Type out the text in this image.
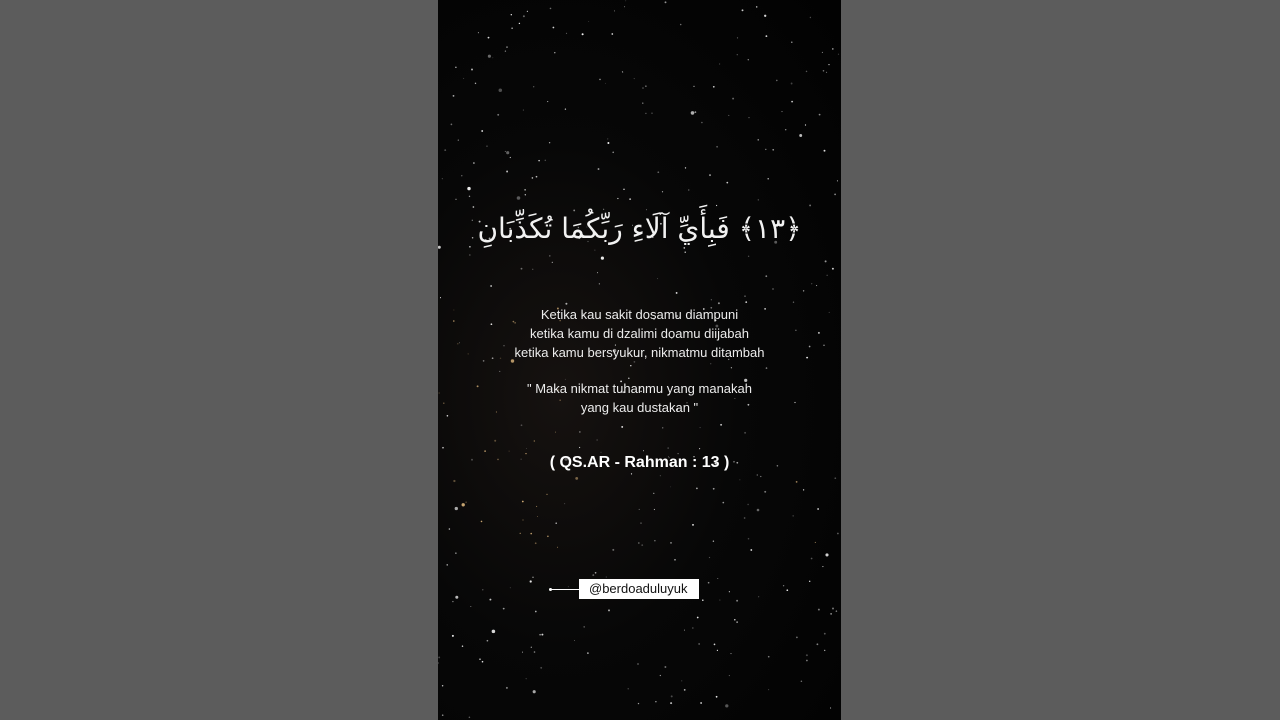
﴿١٣﴾ فَبِأَيِّ آلَاءِ رَبِّكُمَا تُكَذِّبَانِ
Ketika kau sakit dosamu diampuni
ketika kamu di dzalimi doamu diijabah
ketika kamu bersyukur, nikmatmu ditambah
" Maka nikmat tuhanmu yang manakah
yang kau dustakan "
( QS.AR - Rahman : 13 )
@berdoaduluyuk
